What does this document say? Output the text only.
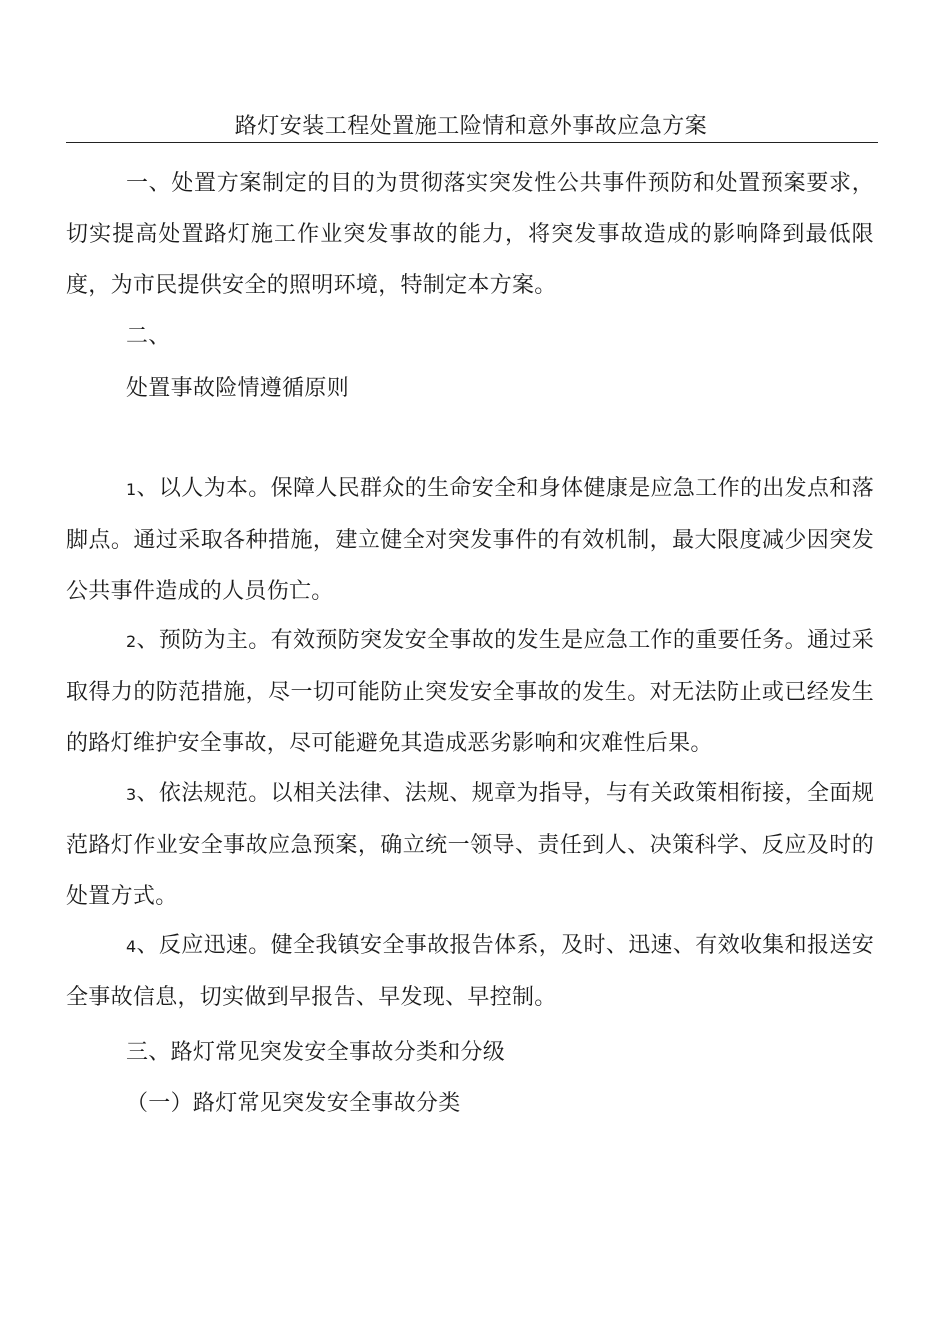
路灯安装工程处置施工险情和意外事故应急方案

一、处置方案制定的目的为贯彻落实突发性公共事件预防和处置预案要求，切实提高处置路灯施工作业突发事故的能力，将突发事故造成的影响降到最低限度，为市民提供安全的照明环境，特制定本方案。

二、

处置事故险情遵循原则

1、以人为本。保障人民群众的生命安全和身体健康是应急工作的出发点和落脚点。通过采取各种措施，建立健全对突发事件的有效机制，最大限度减少因突发公共事件造成的人员伤亡。

2、预防为主。有效预防突发安全事故的发生是应急工作的重要任务。通过采取得力的防范措施，尽一切可能防止突发安全事故的发生。对无法防止或已经发生的路灯维护安全事故，尽可能避免其造成恶劣影响和灾难性后果。

3、依法规范。以相关法律、法规、规章为指导，与有关政策相衔接，全面规范路灯作业安全事故应急预案，确立统一领导、责任到人、决策科学、反应及时的处置方式。

4、反应迅速。健全我镇安全事故报告体系，及时、迅速、有效收集和报送安全事故信息，切实做到早报告、早发现、早控制。

三、路灯常见突发安全事故分类和分级

（一）路灯常见突发安全事故分类
